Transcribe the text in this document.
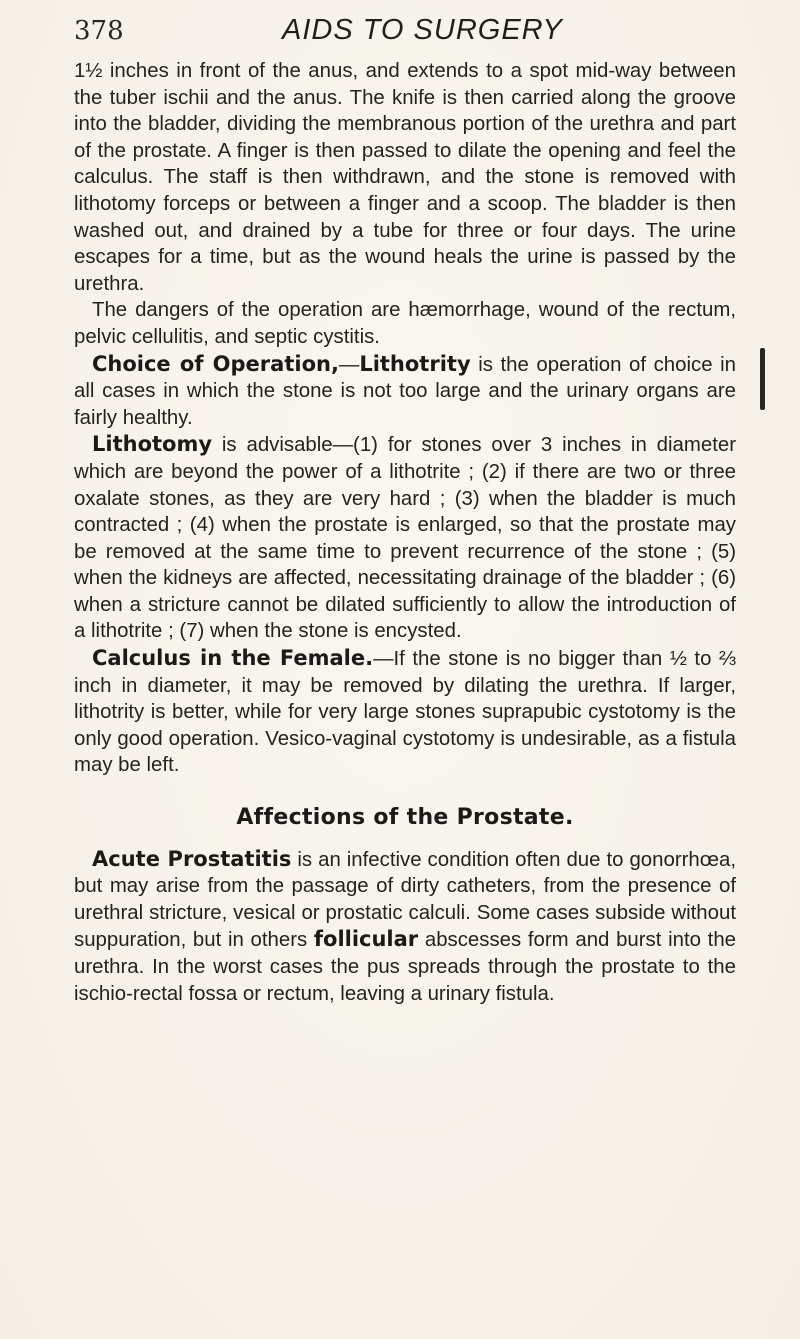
378	AIDS TO SURGERY

1½ inches in front of the anus, and extends to a spot mid-way between the tuber ischii and the anus. The knife is then carried along the groove into the bladder, dividing the membranous portion of the urethra and part of the prostate. A finger is then passed to dilate the opening and feel the calculus. The staff is then withdrawn, and the stone is removed with lithotomy forceps or between a finger and a scoop. The bladder is then washed out, and drained by a tube for three or four days. The urine escapes for a time, but as the wound heals the urine is passed by the urethra.

The dangers of the operation are hæmorrhage, wound of the rectum, pelvic cellulitis, and septic cystitis.

Choice of Operation,—Lithotrity is the operation of choice in all cases in which the stone is not too large and the urinary organs are fairly healthy.

Lithotomy is advisable—(1) for stones over 3 inches in diameter which are beyond the power of a lithotrite ; (2) if there are two or three oxalate stones, as they are very hard ; (3) when the bladder is much contracted ; (4) when the prostate is enlarged, so that the prostate may be removed at the same time to prevent recurrence of the stone ; (5) when the kidneys are affected, necessitating drainage of the bladder ; (6) when a stricture cannot be dilated sufficiently to allow the introduction of a lithotrite ; (7) when the stone is encysted.

Calculus in the Female.—If the stone is no bigger than ½ to ⅔ inch in diameter, it may be removed by dilating the urethra. If larger, lithotrity is better, while for very large stones suprapubic cystotomy is the only good operation. Vesico-vaginal cystotomy is undesirable, as a fistula may be left.

Affections of the Prostate.

Acute Prostatitis is an infective condition often due to gonorrhœa, but may arise from the passage of dirty catheters, from the presence of urethral stricture, vesical or prostatic calculi. Some cases subside without suppuration, but in others follicular abscesses form and burst into the urethra. In the worst cases the pus spreads through the prostate to the ischio-rectal fossa or rectum, leaving a urinary fistula.
